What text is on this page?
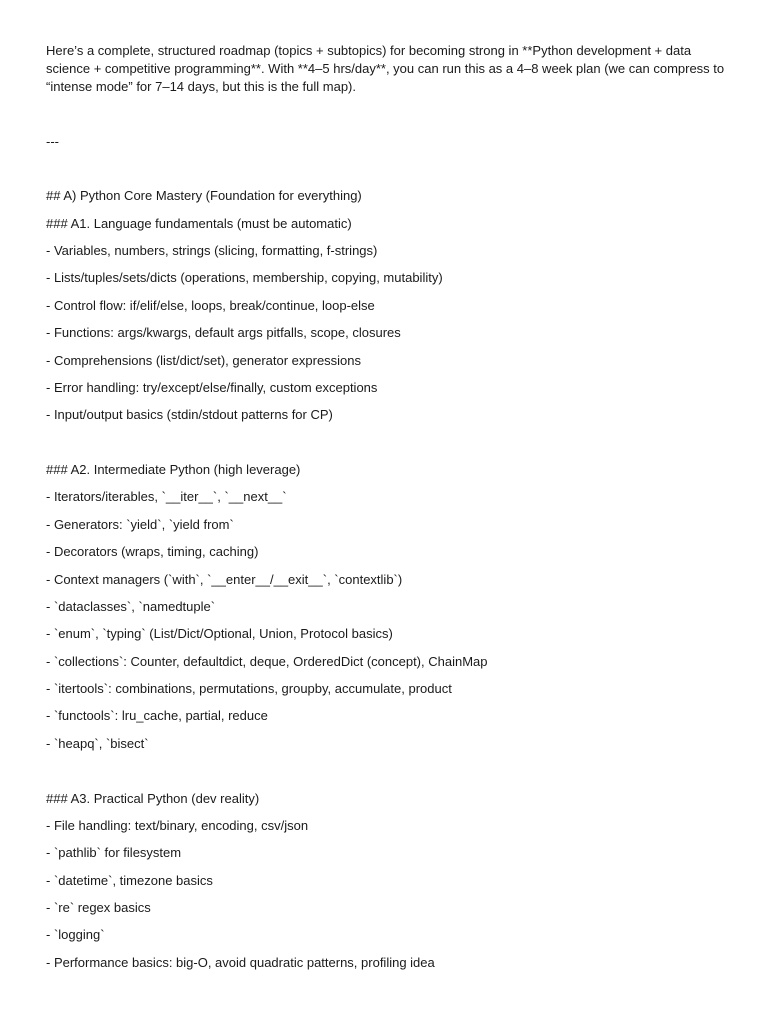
Here’s a complete, structured roadmap (topics + subtopics) for becoming strong in **Python development + data science + competitive programming**. With **4–5 hrs/day**, you can run this as a 4–8 week plan (we can compress to “intense mode” for 7–14 days, but this is the full map).

---

## A) Python Core Mastery (Foundation for everything)

### A1. Language fundamentals (must be automatic)

- Variables, numbers, strings (slicing, formatting, f-strings)

- Lists/tuples/sets/dicts (operations, membership, copying, mutability)

- Control flow: if/elif/else, loops, break/continue, loop-else

- Functions: args/kwargs, default args pitfalls, scope, closures

- Comprehensions (list/dict/set), generator expressions

- Error handling: try/except/else/finally, custom exceptions

- Input/output basics (stdin/stdout patterns for CP)

### A2. Intermediate Python (high leverage)

- Iterators/iterables, `__iter__`, `__next__`

- Generators: `yield`, `yield from`

- Decorators (wraps, timing, caching)

- Context managers (`with`, `__enter__/__exit__`, `contextlib`)

- `dataclasses`, `namedtuple`

- `enum`, `typing` (List/Dict/Optional, Union, Protocol basics)

- `collections`: Counter, defaultdict, deque, OrderedDict (concept), ChainMap

- `itertools`: combinations, permutations, groupby, accumulate, product

- `functools`: lru_cache, partial, reduce

- `heapq`, `bisect`

### A3. Practical Python (dev reality)

- File handling: text/binary, encoding, csv/json

- `pathlib` for filesystem

- `datetime`, timezone basics

- `re` regex basics

- `logging`

- Performance basics: big-O, avoid quadratic patterns, profiling idea
